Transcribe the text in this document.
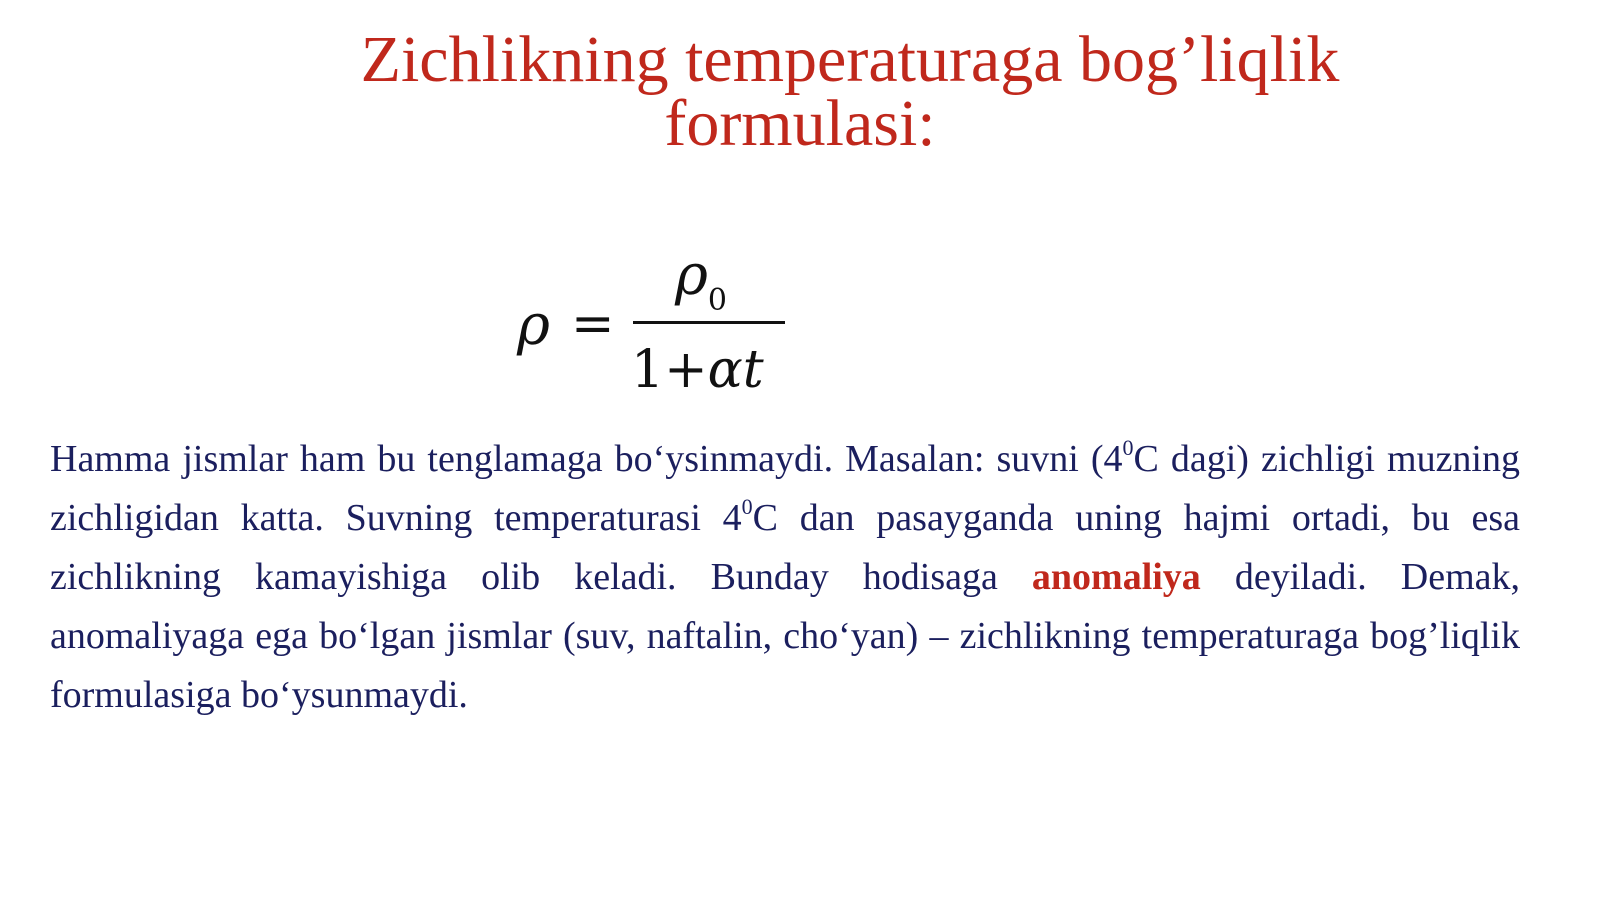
Zichlikning temperaturaga bog’liqlik
formulasi:
ρ =
$\rho_0$
1+αt

Hamma jismlar ham bu tenglamaga bo‘ysinmaydi. Masalan: suvni ($4^0C$ dagi) zichligi muzning zichligidan katta. Suvning temperaturasi $4^0C$ dan pasayganda uning hajmi ortadi, bu esa zichlikning kamayishiga olib keladi. Bunday hodisaga anomaliya deyiladi. Demak, anomaliyaga ega bo‘lgan jismlar (suv, naftalin, cho‘yan) – zichlikning temperaturaga bog’liqlik formulasiga bo‘ysunmaydi.
